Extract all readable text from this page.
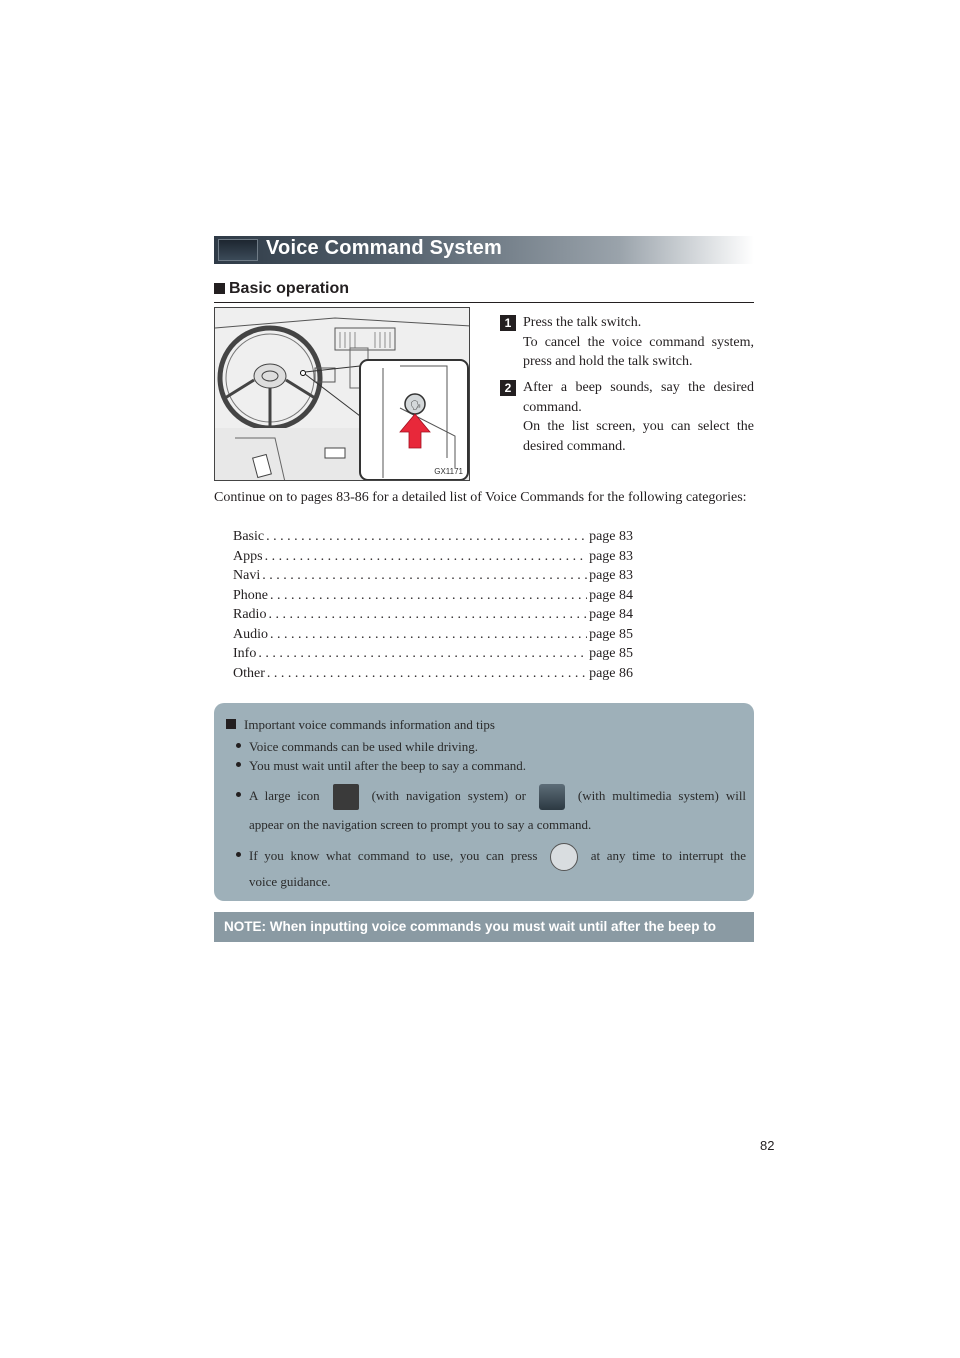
Voice Command System
Basic operation
🗣
GX1171
1 Press the talk switch.
To cancel the voice command system, press and hold the talk switch.
2 After a beep sounds, say the desired command.
On the list screen, you can select the desired command.
Continue on to pages 83-86 for a detailed list of Voice Commands for the following categories:
Basic . . .	page 83
Apps . . .	page 83
Navi . . .	page 83
Phone . . .	page 84
Radio . . .	page 84
Audio . . .	page 85
Info . . .	page 85
Other . . .	page 86
Important voice commands information and tips
Voice commands can be used while driving.
You must wait until after the beep to say a command.
A large icon	(with navigation system) or	(with multimedia system) will
appear on the navigation screen to prompt you to say a command.
If you know what command to use, you can press	at any time to interrupt the
voice guidance.
NOTE: When inputting voice commands you must wait until after the beep to speak.
82
